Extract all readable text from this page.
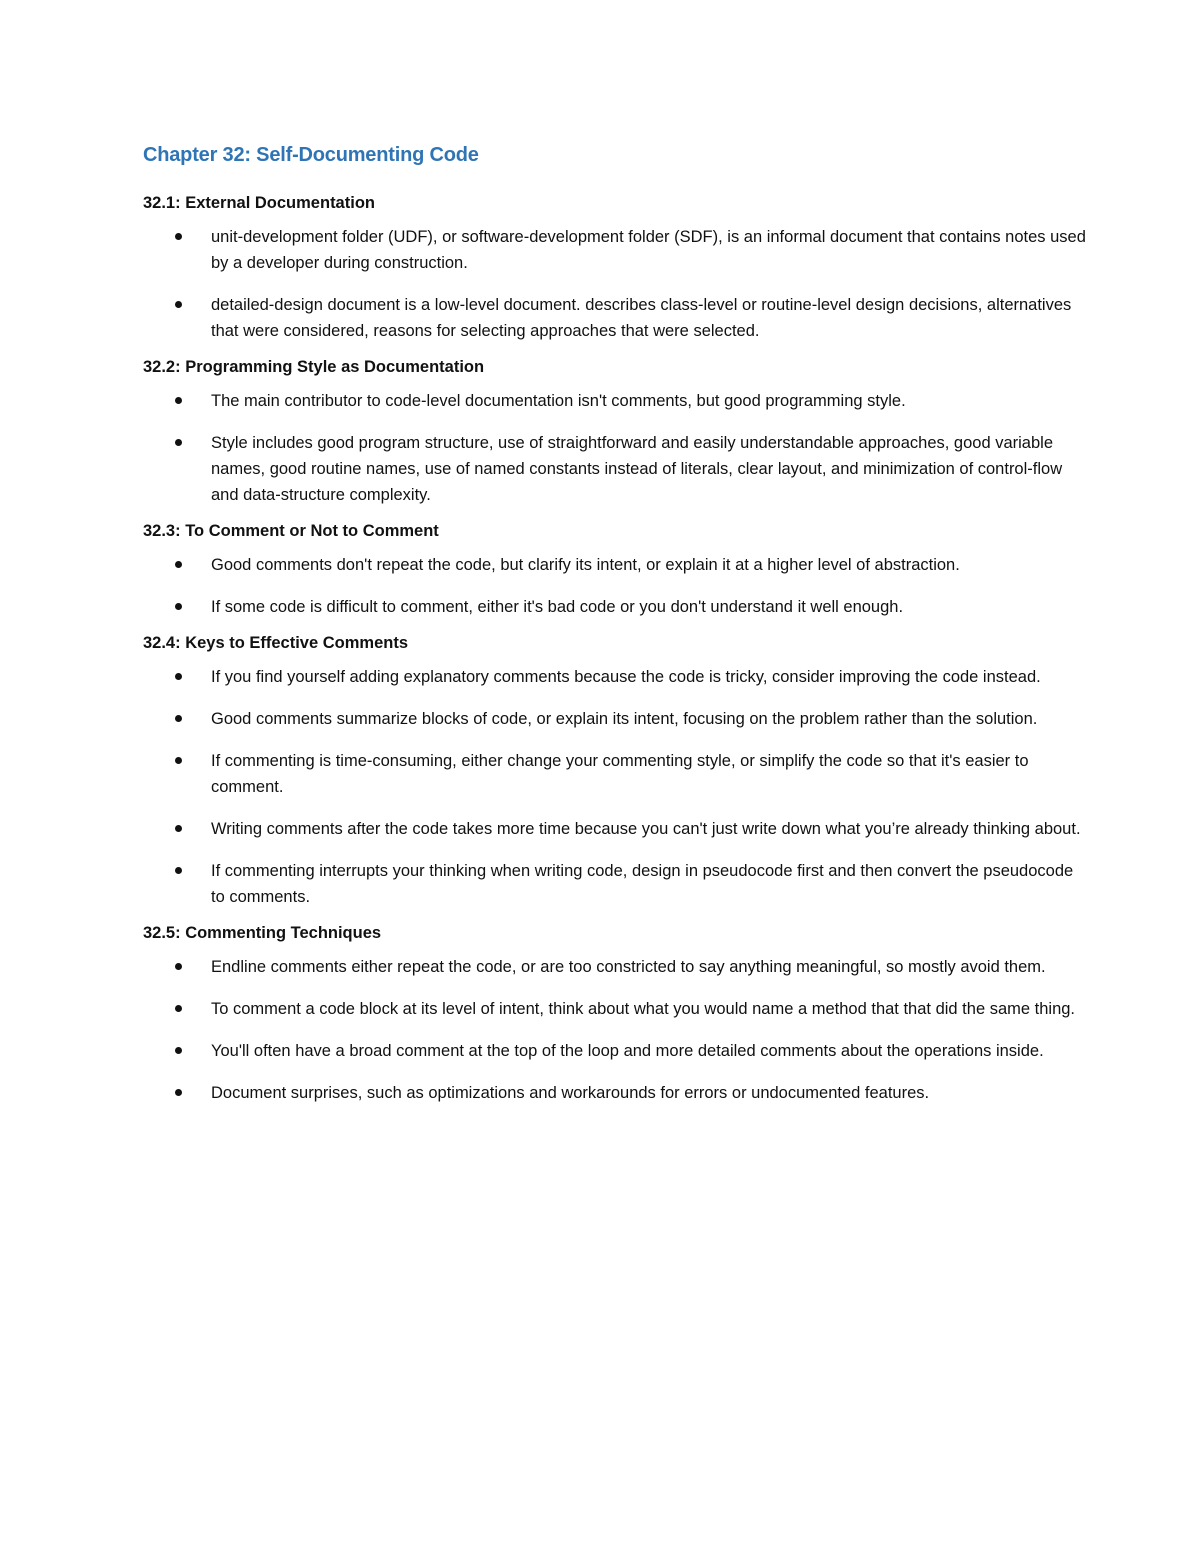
Chapter 32: Self-Documenting Code
32.1: External Documentation
unit-development folder (UDF), or software-development folder (SDF), is an informal document that contains notes used by a developer during construction.
detailed-design document is a low-level document. describes class-level or routine-level design decisions, alternatives that were considered, reasons for selecting approaches that were selected.
32.2: Programming Style as Documentation
The main contributor to code-level documentation isn't comments, but good programming style.
Style includes good program structure, use of straightforward and easily understandable approaches, good variable names, good routine names, use of named constants instead of literals, clear layout, and minimization of control-flow and data-structure complexity.
32.3: To Comment or Not to Comment
Good comments don't repeat the code, but clarify its intent, or explain it at a higher level of abstraction.
If some code is difficult to comment, either it's bad code or you don't understand it well enough.
32.4: Keys to Effective Comments
If you find yourself adding explanatory comments because the code is tricky, consider improving the code instead.
Good comments summarize blocks of code, or explain its intent, focusing on the problem rather than the solution.
If commenting is time-consuming, either change your commenting style, or simplify the code so that it's easier to comment.
Writing comments after the code takes more time because you can't just write down what you’re already thinking about.
If commenting interrupts your thinking when writing code, design in pseudocode first and then convert the pseudocode to comments.
32.5: Commenting Techniques
Endline comments either repeat the code, or are too constricted to say anything meaningful, so mostly avoid them.
To comment a code block at its level of intent, think about what you would name a method that that did the same thing.
You'll often have a broad comment at the top of the loop and more detailed comments about the operations inside.
Document surprises, such as optimizations and workarounds for errors or undocumented features.
